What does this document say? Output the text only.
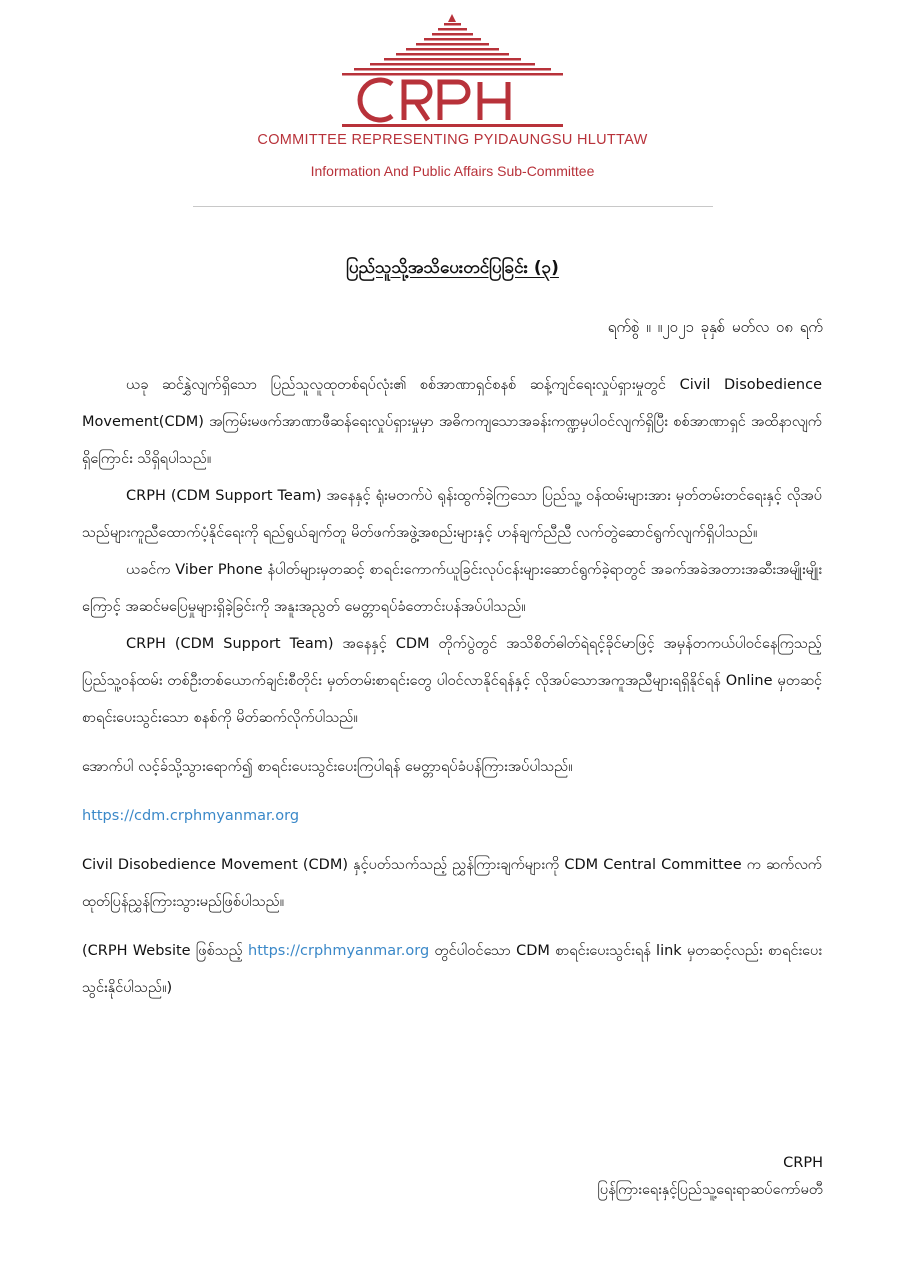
COMMITTEE REPRESENTING PYIDAUNGSU HLUTTAW
Information And Public Affairs Sub-Committee
ပြည်သူသို့အသိပေးတင်ပြခြင်း (၃)
ရက်စွဲ ။ ။၂၀၂၁ ခုနှစ် မတ်လ ၀၈ ရက်

ယခု ဆင်နွှဲလျက်ရှိသော ပြည်သူလူထုတစ်ရပ်လုံး၏ စစ်အာဏာရှင်စနစ် ဆန့်ကျင်ရေးလှုပ်ရှားမှုတွင် Civil Disobedience Movement(CDM) အကြမ်းမဖက်အာဏာဖီဆန်ရေးလှုပ်ရှားမှုမှာ အဓိကကျသောအခန်းကဏ္ဍမှပါဝင်လျက်ရှိပြီး စစ်အာဏာရှင် အထိနာလျက်ရှိကြောင်း သိရှိရပါသည်။

CRPH (CDM Support Team) အနေနှင့် ရုံးမတက်ပဲ ရုန်းထွက်ခဲ့ကြသော ပြည်သူ့ ဝန်ထမ်းများအား မှတ်တမ်းတင်ရေးနှင့် လိုအပ်သည်များကူညီထောက်ပံ့နိုင်ရေးကို ရည်ရွယ်ချက်တူ မိတ်ဖက်အဖွဲ့အစည်းများနှင့် ဟန်ချက်ညီညီ လက်တွဲဆောင်ရွက်လျက်ရှိပါသည်။

ယခင်က Viber Phone နံပါတ်များမှတဆင့် စာရင်းကောက်ယူခြင်းလုပ်ငန်းများဆောင်ရွက်ခဲ့ရာတွင် အခက်အခဲအတားအဆီးအမျိုးမျိုးကြောင့် အဆင်မပြေမှုများရှိခဲ့ခြင်းကို အနူးအညွတ် မေတ္တာရပ်ခံတောင်းပန်အပ်ပါသည်။

CRPH (CDM Support Team) အနေနှင့် CDM တိုက်ပွဲတွင် အသိစိတ်ဓါတ်ရဲရင့်ခိုင်မာဖြင့် အမှန်တကယ်ပါဝင်နေကြသည့် ပြည်သူ့ဝန်ထမ်း တစ်ဦးတစ်ယောက်ချင်းစီတိုင်း မှတ်တမ်းစာရင်းတွေ ပါဝင်လာနိုင်ရန်နှင့် လိုအပ်သောအကူအညီများရရှိနိုင်ရန် Online မှတဆင့် စာရင်းပေးသွင်းသော စနစ်ကို မိတ်ဆက်လိုက်ပါသည်။

အောက်ပါ လင့်ခ်သို့သွားရောက်၍ စာရင်းပေးသွင်းပေးကြပါရန် မေတ္တာရပ်ခံပန်ကြားအပ်ပါသည်။

https://cdm.crphmyanmar.org

Civil Disobedience Movement (CDM) နှင့်ပတ်သက်သည့် ညွှန်ကြားချက်များကို CDM Central Committee က ဆက်လက်ထုတ်ပြန်ညွှန်ကြားသွားမည်ဖြစ်ပါသည်။

(CRPH Website ဖြစ်သည့် https://crphmyanmar.org တွင်ပါဝင်သော CDM စာရင်းပေးသွင်းရန် link မှတဆင့်လည်း စာရင်းပေးသွင်းနိုင်ပါသည်။)

CRPH
ပြန်ကြားရေးနှင့်ပြည်သူ့ရေးရာဆပ်ကော်မတီ
